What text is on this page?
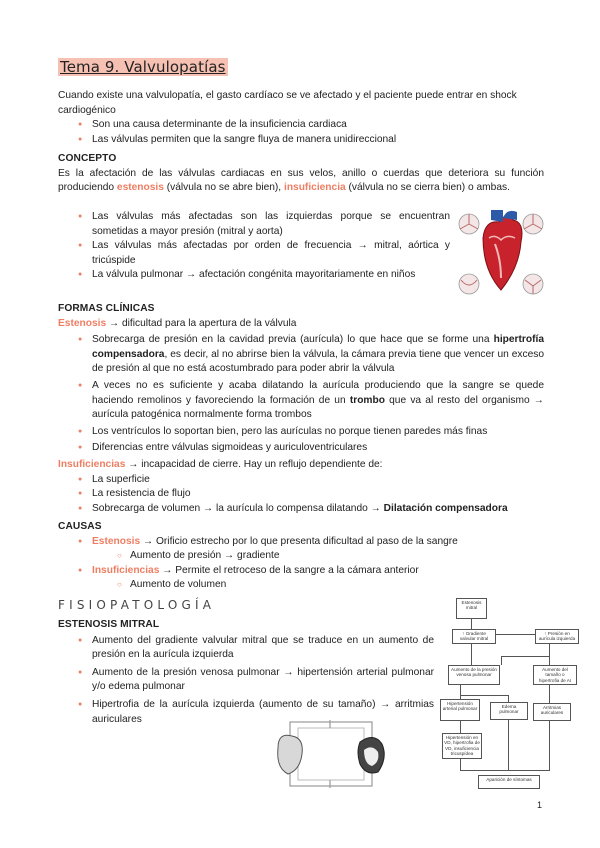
Tema 9. Valvulopatías
Cuando existe una valvulopatía, el gasto cardíaco se ve afectado y el paciente puede entrar en shock cardiogénico
● Son una causa determinante de la insuficiencia cardiaca
● Las válvulas permiten que la sangre fluya de manera unidireccional
CONCEPTO
Es la afectación de las válvulas cardiacas en sus velos, anillo o cuerdas que deteriora su función produciendo estenosis (válvula no se abre bien), insuficiencia (válvula no se cierra bien) o ambas.
● Las válvulas más afectadas son las izquierdas porque se encuentran sometidas a mayor presión (mitral y aorta)
● Las válvulas más afectadas por orden de frecuencia → mitral, aórtica y tricúspide
● La válvula pulmonar → afectación congénita mayoritariamente en niños
FORMAS CLÍNICAS
Estenosis → dificultad para la apertura de la válvula
● Sobrecarga de presión en la cavidad previa (aurícula) lo que hace que se forme una hipertrofía compensadora, es decir, al no abrirse bien la válvula, la cámara previa tiene que vencer un exceso de presión al que no está acostumbrado para poder abrir la válvula
● A veces no es suficiente y acaba dilatando la aurícula produciendo que la sangre se quede haciendo remolinos y favoreciendo la formación de un trombo que va al resto del organismo → aurícula patogénica normalmente forma trombos
● Los ventrículos lo soportan bien, pero las aurículas no porque tienen paredes más finas
● Diferencias entre válvulas sigmoideas y auriculoventriculares
Insuficiencias → incapacidad de cierre. Hay un reflujo dependiente de:
● La superficie
● La resistencia de flujo
● Sobrecarga de volumen → la aurícula lo compensa dilatando → Dilatación compensadora
CAUSAS
● Estenosis → Orificio estrecho por lo que presenta dificultad al paso de la sangre
○ Aumento de presión → gradiente
● Insuficiencias → Permite el retroceso de la sangre a la cámara anterior
○ Aumento de volumen
FISIOPATOLOGÍA
ESTENOSIS MITRAL
● Aumento del gradiente valvular mitral que se traduce en un aumento de presión en la aurícula izquierda
● Aumento de la presión venosa pulmonar → hipertensión arterial pulmonar y/o edema pulmonar
● Hipertrofia de la aurícula izquierda (aumento de su tamaño) → arritmias auriculares
Estenosis mitral
↑ Gradiente valvular mitral
↑ Presión en aurícula izquierda
Aumento de la presión venosa pulmonar
Aumento del tamaño o hipertrofia de AI
Hipertensión arterial pulmonar	Edema pulmonar
Arritmias auriculares
Hipertensión en VD, hipertrofia de VD, insuficiencia tricuspídea
Aparición de síntomas
1
